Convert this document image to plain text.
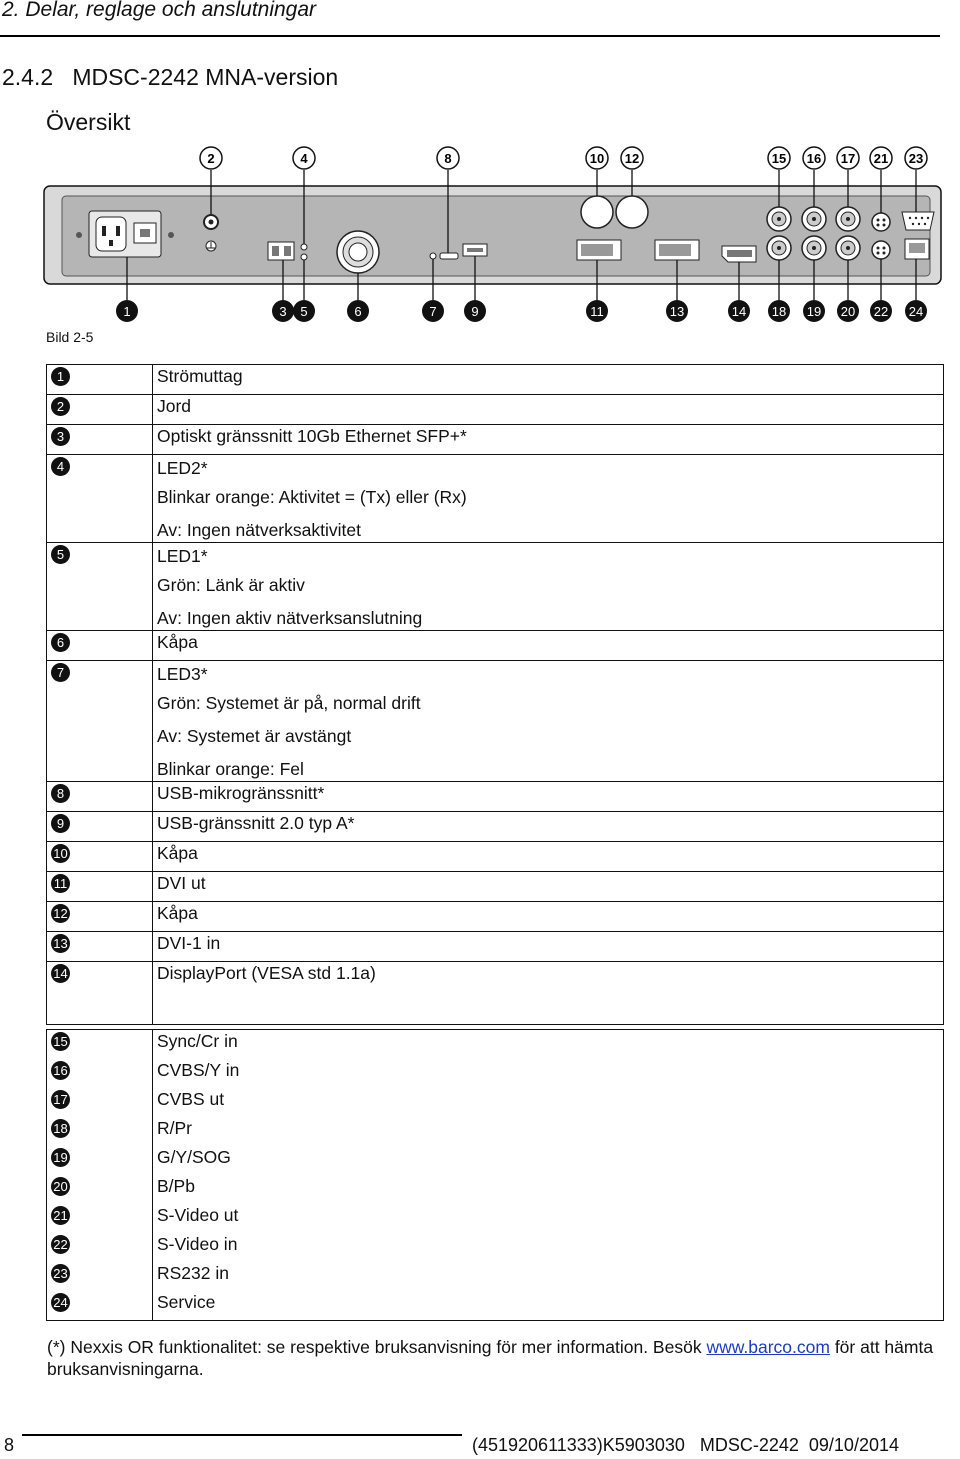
2. Delar, reglage och anslutningar
2.4.2   MDSC-2242 MNA-version
Översikt
2	4	8	10 12	15 16 17 21 23
1	3 5	6	7	9	11	13	14 18 19 20 22 24
Bild 2-5
1	Strömuttag

2	Jord

3	Optiskt gränssnitt 10Gb Ethernet SFP+*

4	LED2*
Blinkar orange: Aktivitet = (Tx) eller (Rx)
Av: Ingen nätverksaktivitet

5	LED1*
Grön: Länk är aktiv
Av: Ingen aktiv nätverksanslutning

6	Kåpa

7	LED3*
Grön: Systemet är på, normal drift
Av: Systemet är avstängt
Blinkar orange: Fel

8	USB-mikrogränssnitt*

9	USB-gränssnitt 2.0 typ A*

10	Kåpa

11	DVI ut

12	Kåpa

13	DVI-1 in

14	DisplayPort (VESA std 1.1a)
15	Sync/Cr in

16	CVBS/Y in

17	CVBS ut

18	R/Pr

19	G/Y/SOG

20	B/Pb

21	S-Video ut

22	S-Video in

23	RS232 in

24	Service
(*) Nexxis OR funktionalitet: se respektive bruksanvisning för mer information. Besök www.barco.com för att hämta bruksanvisningarna.
8	(451920611333)K5903030   MDSC-2242  09/10/2014
